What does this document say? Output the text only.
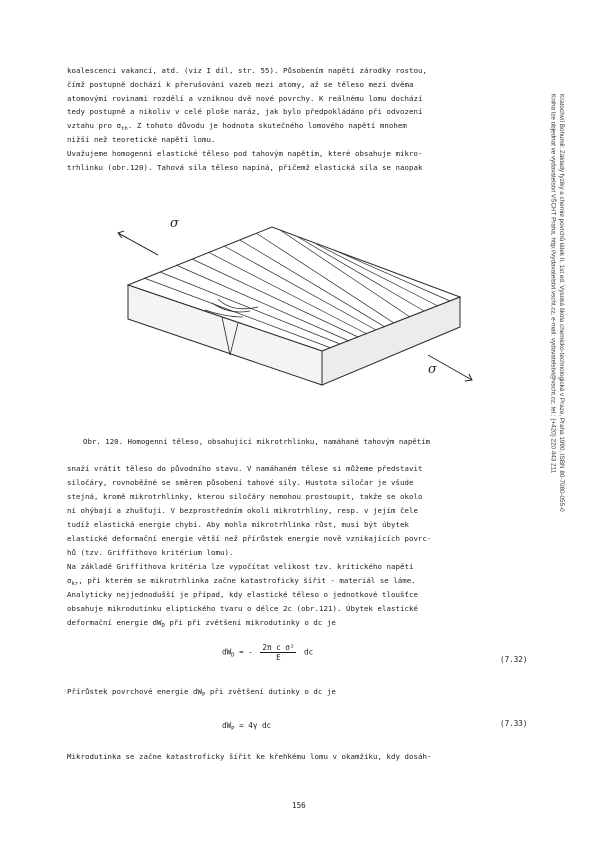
Kratochvíl Bohumil: Základy fyziky a chemie povrchů látek II, 1st ed. Vysoká škola chemicko-technologická v Praze, Praha 1990, ISBN 80-7080-055-0
Kniha lze objednat ve vydavatelství VŠCHT Praha, http://vydavatelstvi.vscht.cz, e-mail: vydavatelstvi@vscht.cz, tel.: (+420) 220 443 211
koalescenci vakancí, atd. (viz I díl, str. 55). Působením napětí zárodky rostou,
čímž postupně dochází k přerušování vazeb mezi atomy, až se těleso mezi dvěma
atomovými rovinami rozdělí a vzniknou dvě nové povrchy. K reálnému lomu dochází
tedy postupně a nikoliv v celé ploše naráz, jak bylo předpokládáno při odvození
vztahu pro $\sigma_{th}$. Z tohoto důvodu je hodnota skutečného lomového napětí mnohem
nižší než teoretické napětí lomu.
Uvažujeme homogenní elastické těleso pod tahovým napětím, které obsahuje mikro-
trhlinku (obr.120). Tahová síla těleso napíná, přičemž elastická síla se naopak
σ
σ
Obr. 120. Homogenní těleso, obsahující mikrotrhlinku, namáhané tahovým napětím
snaží vrátit těleso do původního stavu. V namáhaném tělese si můžeme představit
siločáry, rovnoběžné se směrem působení tahové síly. Hustota siločar je všude
stejná, kromě mikrotrhlinky, kterou siločáry nemohou prostoupit, takže se okolo
ní ohýbají a zhušťují. V bezprostředním okolí mikrotrhliny, resp. v jejím čele
tudíž elastická energie chybí. Aby mohla mikrotrhlinka růst, musí být úbytek
elastické deformační energie větší než přírůstek energie nově vznikajících povrc-
hů (tzv. Griffithovo kritérium lomu).
Na základě Griffithova kritéria lze vypočítat velikost tzv. kritického napětí
$\sigma_{kr}$, při kterém se mikrotrhlinka začne katastroficky šířit - materiál se láme.
Analyticky nejjednodušší je případ, kdy elastické těleso o jednotkové tloušťce
obsahuje mikrodutinku eliptického tvaru o délce 2c (obr.121). Úbytek elastické
deformační energie $dW_D$ při při zvětšení mikrodutinky o dc je
$dW_D$ = - $\frac{\text{2π c σ²}}{E}$ dc
(7.32)
Přírůstek povrchové energie $dW_P$ při zvětšení dutinky o dc je
$dW_P = 4\gamma$ dc	(7.33)
Mikrodutinka se začne katastroficky šířit ke křehkému lomu v okamžiku, kdy dosáh-
156
